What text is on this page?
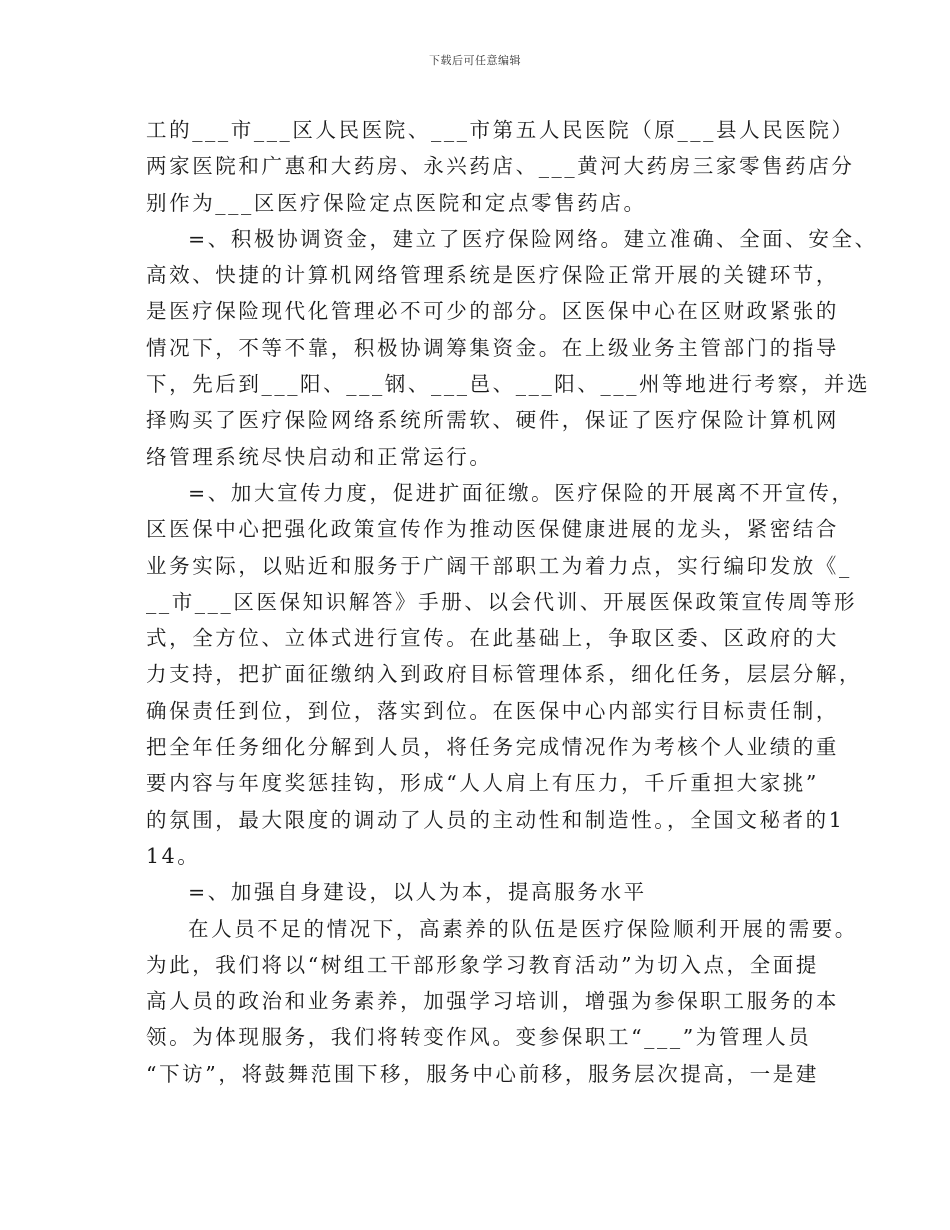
下载后可任意编辑
工的___市___区人民医院、___市第五人民医院（原___县人民医院）
两家医院和广惠和大药房、永兴药店、___黄河大药房三家零售药店分
别作为___区医疗保险定点医院和定点零售药店。
=、积极协调资金，建立了医疗保险网络。建立准确、全面、安全、
高效、快捷的计算机网络管理系统是医疗保险正常开展的关键环节，
是医疗保险现代化管理必不可少的部分。区医保中心在区财政紧张的
情况下，不等不靠，积极协调筹集资金。在上级业务主管部门的指导
下，先后到___阳、___钢、___邑、___阳、___州等地进行考察，并选
择购买了医疗保险网络系统所需软、硬件，保证了医疗保险计算机网
络管理系统尽快启动和正常运行。
=、加大宣传力度，促进扩面征缴。医疗保险的开展离不开宣传，
区医保中心把强化政策宣传作为推动医保健康进展的龙头，紧密结合
业务实际，以贴近和服务于广阔干部职工为着力点，实行编印发放《_
__市___区医保知识解答》手册、以会代训、开展医保政策宣传周等形
式，全方位、立体式进行宣传。在此基础上，争取区委、区政府的大
力支持，把扩面征缴纳入到政府目标管理体系，细化任务，层层分解，
确保责任到位，到位，落实到位。在医保中心内部实行目标责任制，
把全年任务细化分解到人员，将任务完成情况作为考核个人业绩的重
要内容与年度奖惩挂钩，形成“人人肩上有压力，千斤重担大家挑”
的氛围，最大限度的调动了人员的主动性和制造性。，全国文秘者的1
14。
=、加强自身建设，以人为本，提高服务水平
在人员不足的情况下，高素养的队伍是医疗保险顺利开展的需要。
为此，我们将以“树组工干部形象学习教育活动”为切入点，全面提
高人员的政治和业务素养，加强学习培训，增强为参保职工服务的本
领。为体现服务，我们将转变作风。变参保职工“___”为管理人员
“下访”，将鼓舞范围下移，服务中心前移，服务层次提高，一是建
